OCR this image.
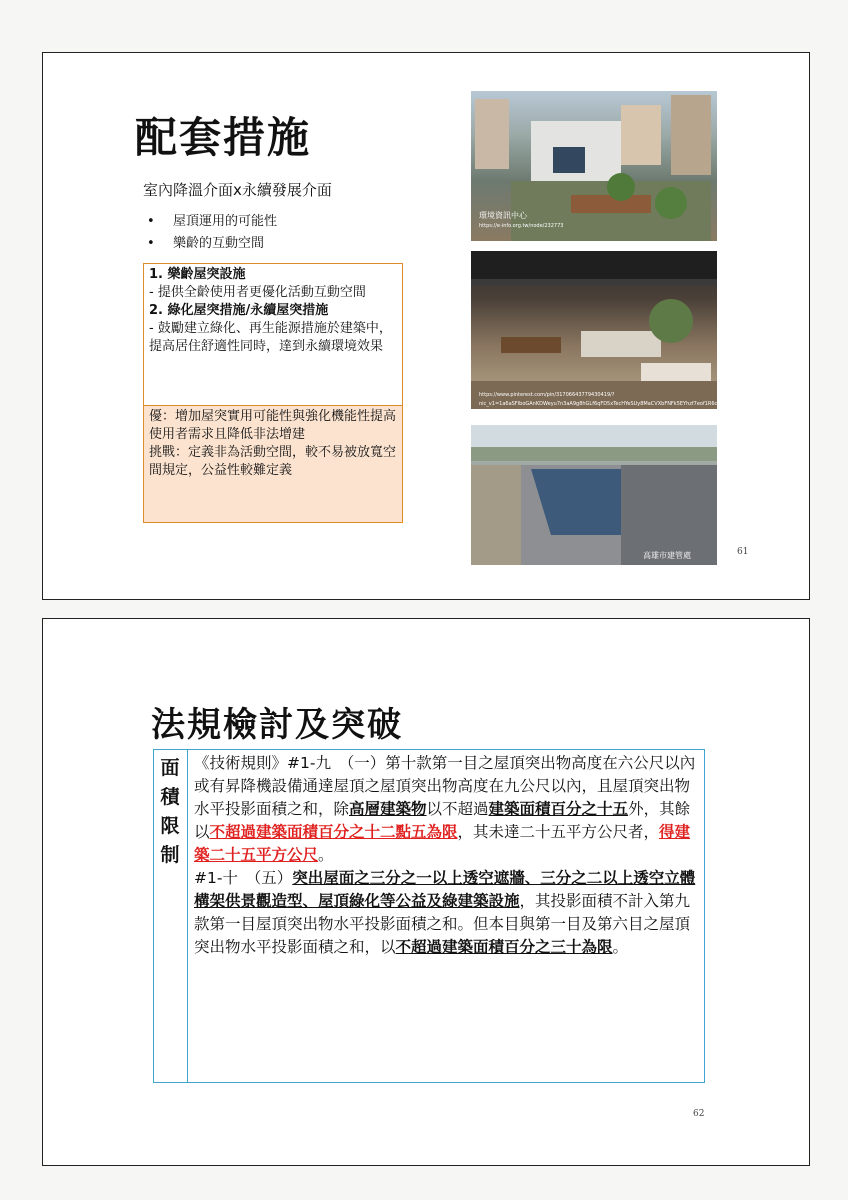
配套措施
室內降溫介面x永續發展介面
• 屋頂運用的可能性
• 樂齡的互動空間
1. 樂齡屋突設施
- 提供全齡使用者更優化活動互動空間
2. 綠化屋突措施/永續屋突措施
- 鼓勵建立綠化、再生能源措施於建築中，提高居住舒適性同時，達到永續環境效果
優：增加屋突實用可能性與強化機能性提高使用者需求且降低非法增建
挑戰：定義非為活動空間，較不易被放寬空間規定，公益性較難定義
環境資訊中心
https://e-info.org.tw/node/232773
https://www.pinterest.com/pin/31706643779430419/?nic_v1=1a6aSFIboGAnKDWeyu7n3aA9g8hGLf6qFD5xTecHYeSUy8MaCVXbFNFk5EYhzf7eof1R6cKDddV3Ns3u
高雄市建管處	61
法規檢討及突破
面
積
限
制
《技術規則》#1-九　（一）第十款第一目之屋頂突出物高度在六公尺以內或有昇降機設備通達屋頂之屋頂突出物高度在九公尺以內，且屋頂突出物水平投影面積之和，除高層建築物以不超過建築面積百分之十五外，其餘以不超過建築面積百分之十二點五為限，其未達二十五平方公尺者，得建築二十五平方公尺。
#1-十　（五）突出屋面之三分之一以上透空遮牆、三分之二以上透空立體構架供景觀造型、屋頂綠化等公益及綠建築設施，其投影面積不計入第九款第一目屋頂突出物水平投影面積之和。但本目與第一目及第六目之屋頂突出物水平投影面積之和，以不超過建築面積百分之三十為限。
62
